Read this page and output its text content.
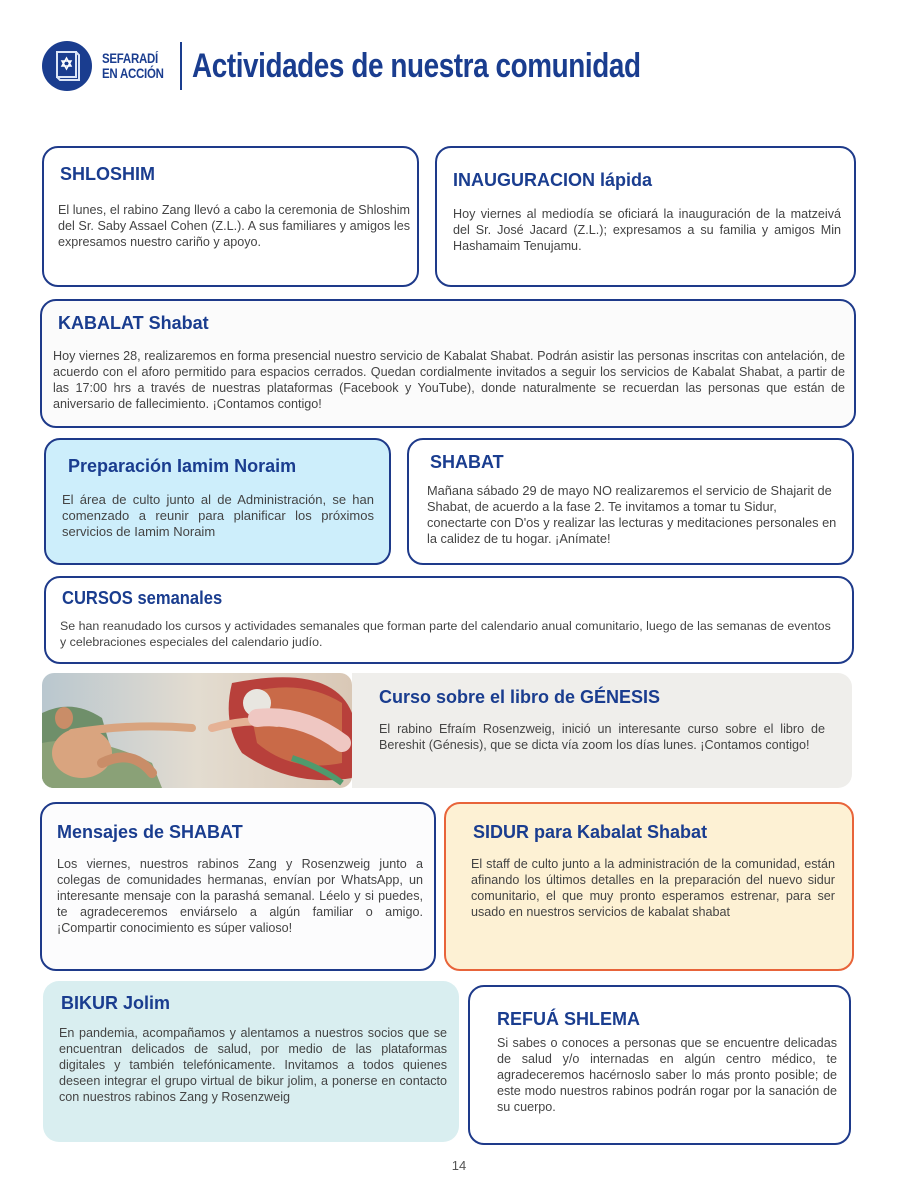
SEFARADÍ
EN ACCIÓN Actividades de nuestra comunidad
SHLOSHIM

El lunes, el rabino Zang llevó a cabo la ceremonia de Shloshim del Sr. Saby Assael Cohen (Z.L.). A sus familiares y amigos les expresamos nuestro cariño y apoyo.

INAUGURACION lápida

Hoy viernes al mediodía se oficiará la inauguración de la matzeivá del Sr. José Jacard (Z.L.); expresamos a su familia y amigos Min Hashamaim Tenujamu.

KABALAT Shabat

Hoy viernes 28, realizaremos en forma presencial nuestro servicio de Kabalat Shabat. Podrán asistir las personas inscritas con antelación, de acuerdo con el aforo permitido para espacios cerrados. Quedan cordialmente invitados a seguir los servicios de Kabalat Shabat, a partir de las 17:00 hrs a través de nuestras plataformas (Facebook y YouTube), donde naturalmente se recuerdan las personas que están de aniversario de fallecimiento. ¡Contamos contigo!

Preparación Iamim Noraim

El área de culto junto al de Administración, se han comenzado a reunir para planificar los próximos servicios de Iamim Noraim

SHABAT

Mañana sábado 29 de mayo NO realizaremos el servicio de Shajarit de Shabat, de acuerdo a la fase 2. Te invitamos a tomar tu Sidur, conectarte con D'os y realizar las lecturas y meditaciones personales en la calidez de tu hogar. ¡Anímate!

CURSOS semanales

Se han reanudado los cursos y actividades semanales que forman parte del calendario anual comunitario, luego de las semanas de eventos y celebraciones especiales del calendario judío.

Curso sobre el libro de GÉNESIS

El rabino Efraím Rosenzweig, inició un interesante curso sobre el libro de Bereshit (Génesis), que se dicta vía zoom los días lunes. ¡Contamos contigo!

Mensajes de SHABAT

Los viernes, nuestros rabinos Zang y Rosenzweig junto a colegas de comunidades hermanas, envían por WhatsApp, un interesante mensaje con la parashá semanal. Léelo y si puedes, te agradeceremos enviárselo a algún familiar o amigo. ¡Compartir conocimiento es súper valioso!

SIDUR para Kabalat Shabat

El staff de culto junto a la administración de la comunidad, están afinando los últimos detalles en la preparación del nuevo sidur comunitario, el que muy pronto esperamos estrenar, para ser usado en nuestros servicios de kabalat shabat

BIKUR Jolim

En pandemia, acompañamos y alentamos a nuestros socios que se encuentran delicados de salud, por medio de las plataformas digitales y también telefónicamente. Invitamos a todos quienes deseen integrar el grupo virtual de bikur jolim, a ponerse en contacto con nuestros rabinos Zang y Rosenzweig

REFUÁ SHLEMA

Si sabes o conoces a personas que se encuentre delicadas de salud y/o internadas en algún centro médico, te agradeceremos hacérnoslo saber lo más pronto posible; de este modo nuestros rabinos podrán rogar por la sanación de su cuerpo.

14
